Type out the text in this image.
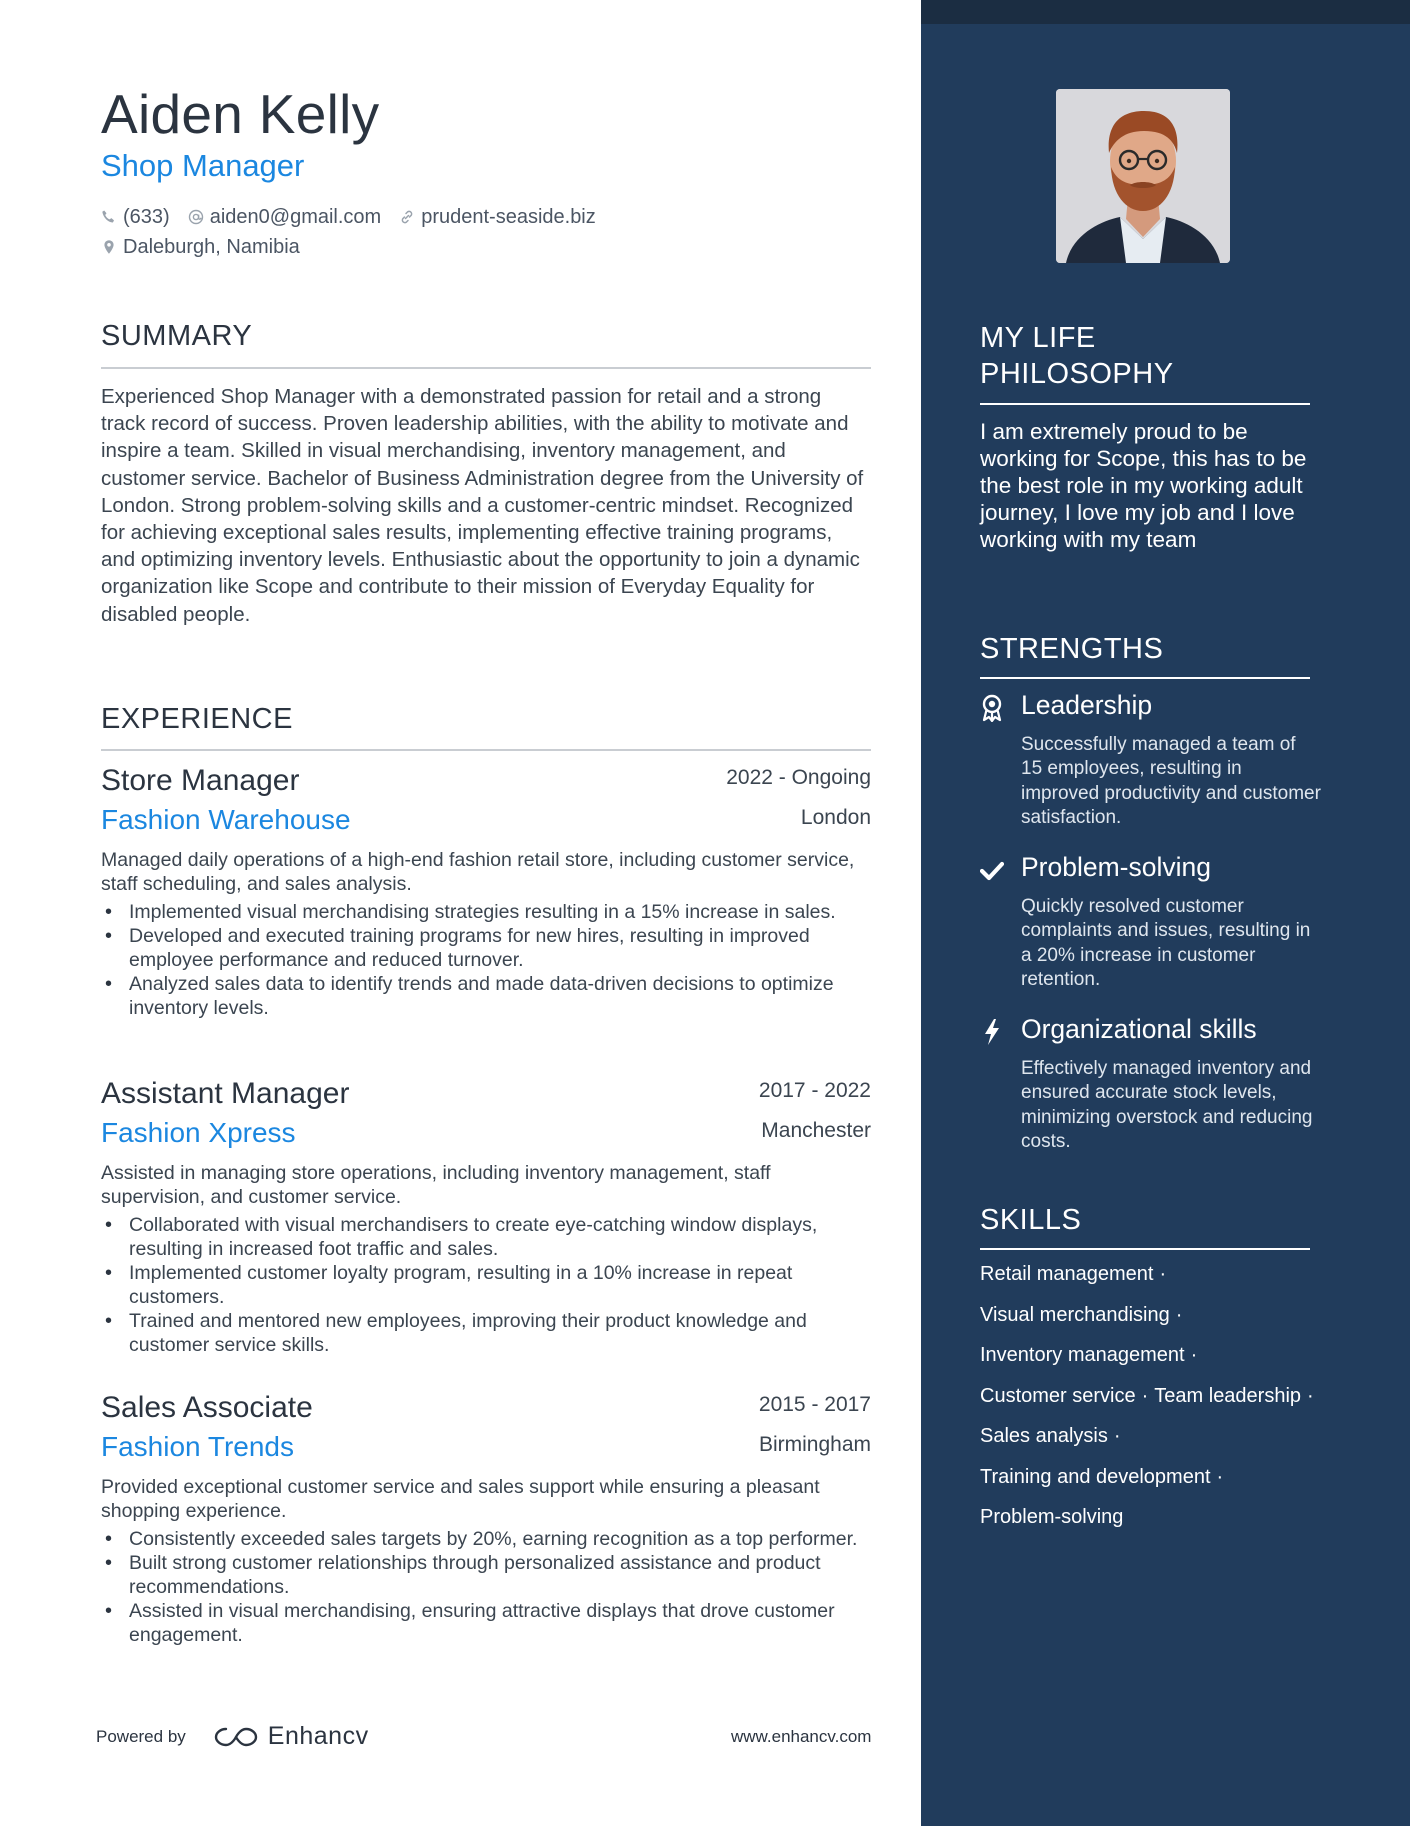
Aiden Kelly
Shop Manager
(633) aiden0@gmail.com prudent-seaside.biz
Daleburgh, Namibia
SUMMARY
Experienced Shop Manager with a demonstrated passion for retail and a strong track record of success. Proven leadership abilities, with the ability to motivate and inspire a team. Skilled in visual merchandising, inventory management, and customer service. Bachelor of Business Administration degree from the University of London. Strong problem-solving skills and a customer-centric mindset. Recognized for achieving exceptional sales results, implementing effective training programs, and optimizing inventory levels. Enthusiastic about the opportunity to join a dynamic organization like Scope and contribute to their mission of Everyday Equality for disabled people.
EXPERIENCE
Store Manager	2022 - Ongoing
Fashion Warehouse	London
Managed daily operations of a high-end fashion retail store, including customer service, staff scheduling, and sales analysis.
• Implemented visual merchandising strategies resulting in a 15% increase in sales.
• Developed and executed training programs for new hires, resulting in improved employee performance and reduced turnover.
• Analyzed sales data to identify trends and made data-driven decisions to optimize inventory levels.
Assistant Manager	2017 - 2022
Fashion Xpress	Manchester
Assisted in managing store operations, including inventory management, staff supervision, and customer service.
• Collaborated with visual merchandisers to create eye-catching window displays, resulting in increased foot traffic and sales.
• Implemented customer loyalty program, resulting in a 10% increase in repeat customers.
• Trained and mentored new employees, improving their product knowledge and customer service skills.
Sales Associate	2015 - 2017
Fashion Trends	Birmingham
Provided exceptional customer service and sales support while ensuring a pleasant shopping experience.
• Consistently exceeded sales targets by 20%, earning recognition as a top performer.
• Built strong customer relationships through personalized assistance and product recommendations.
• Assisted in visual merchandising, ensuring attractive displays that drove customer engagement.
Powered by	Enhancv	www.enhancv.com
MY LIFE PHILOSOPHY
I am extremely proud to be working for Scope, this has to be the best role in my working adult journey, I love my job and I love working with my team
STRENGTHS
Leadership
Successfully managed a team of 15 employees, resulting in improved productivity and customer satisfaction.
Problem-solving
Quickly resolved customer complaints and issues, resulting in a 20% increase in customer retention.
Organizational skills
Effectively managed inventory and ensured accurate stock levels, minimizing overstock and reducing costs.
SKILLS
Retail management ·
Visual merchandising ·
Inventory management ·
Customer service · Team leadership ·
Sales analysis ·
Training and development ·
Problem-solving
